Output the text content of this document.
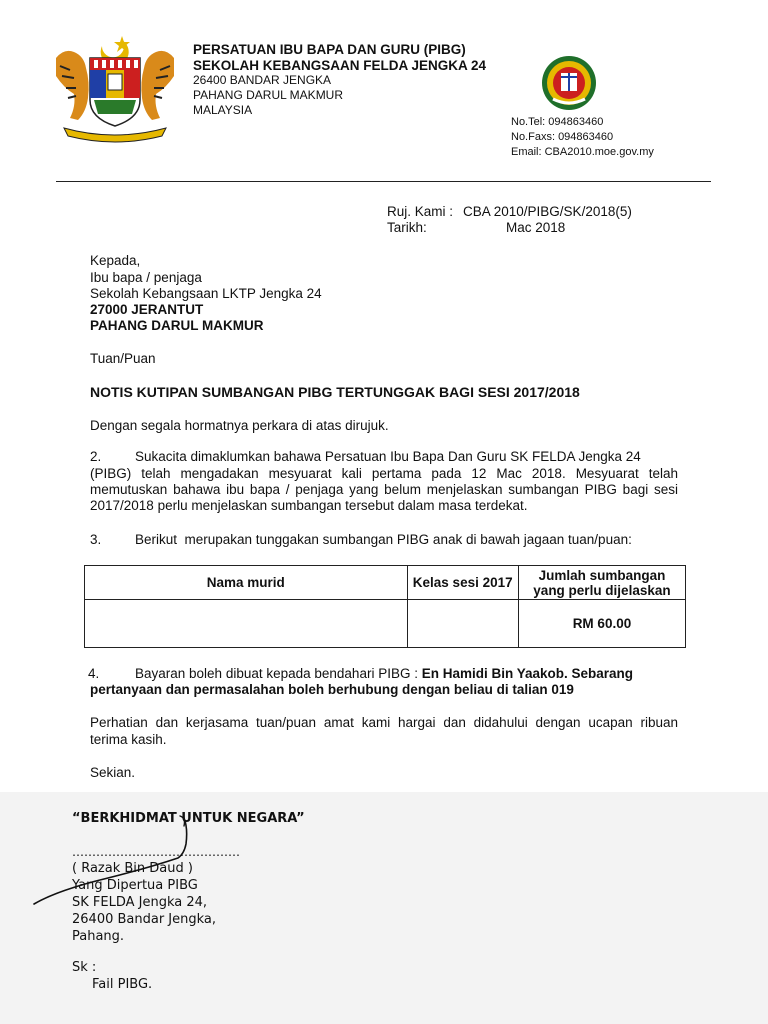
PERSATUAN IBU BAPA DAN GURU (PIBG)
SEKOLAH KEBANGSAAN FELDA JENGKA 24
26400 BANDAR JENGKA
PAHANG DARUL MAKMUR
MALAYSIA
No.Tel: 094863460
No.Faxs: 094863460
Email: CBA2010.moe.gov.my
Ruj. Kami : CBA 2010/PIBG/SK/2018(5)
Tarikh:	Mac 2018
Kepada,
Ibu bapa / penjaga
Sekolah Kebangsaan LKTP Jengka 24
27000 JERANTUT
PAHANG DARUL MAKMUR
Tuan/Puan
NOTIS KUTIPAN SUMBANGAN PIBG TERTUNGGAK BAGI SESI 2017/2018
Dengan segala hormatnya perkara di atas dirujuk.
2. Sukacita dimaklumkan bahawa Persatuan Ibu Bapa Dan Guru SK FELDA Jengka 24
(PIBG) telah mengadakan mesyuarat kali pertama pada 12 Mac 2018. Mesyuarat telah
memutuskan bahawa ibu bapa / penjaga yang belum menjelaskan sumbangan PIBG bagi sesi
2017/2018 perlu menjelaskan sumbangan tersebut dalam masa terdekat.
3. Berikut  merupakan tunggakan sumbangan PIBG anak di bawah jagaan tuan/puan:
Nama murid	Kelas sesi 2017	Jumlah sumbangan yang perlu dijelaskan
		RM 60.00
4.	Bayaran boleh dibuat kepada bendahari PIBG : En Hamidi Bin Yaakob. Sebarang
pertanyaan dan permasalahan boleh berhubung dengan beliau di talian 019
Perhatian dan kerjasama tuan/puan amat kami hargai dan didahului dengan ucapan ribuan
terima kasih.
Sekian.
“BERKHIDMAT UNTUK NEGARA”
……………………………………
( Razak Bin Daud )
Yang Dipertua PIBG
SK FELDA Jengka 24,
26400 Bandar Jengka,
Pahang.
Sk :
Fail PIBG.
